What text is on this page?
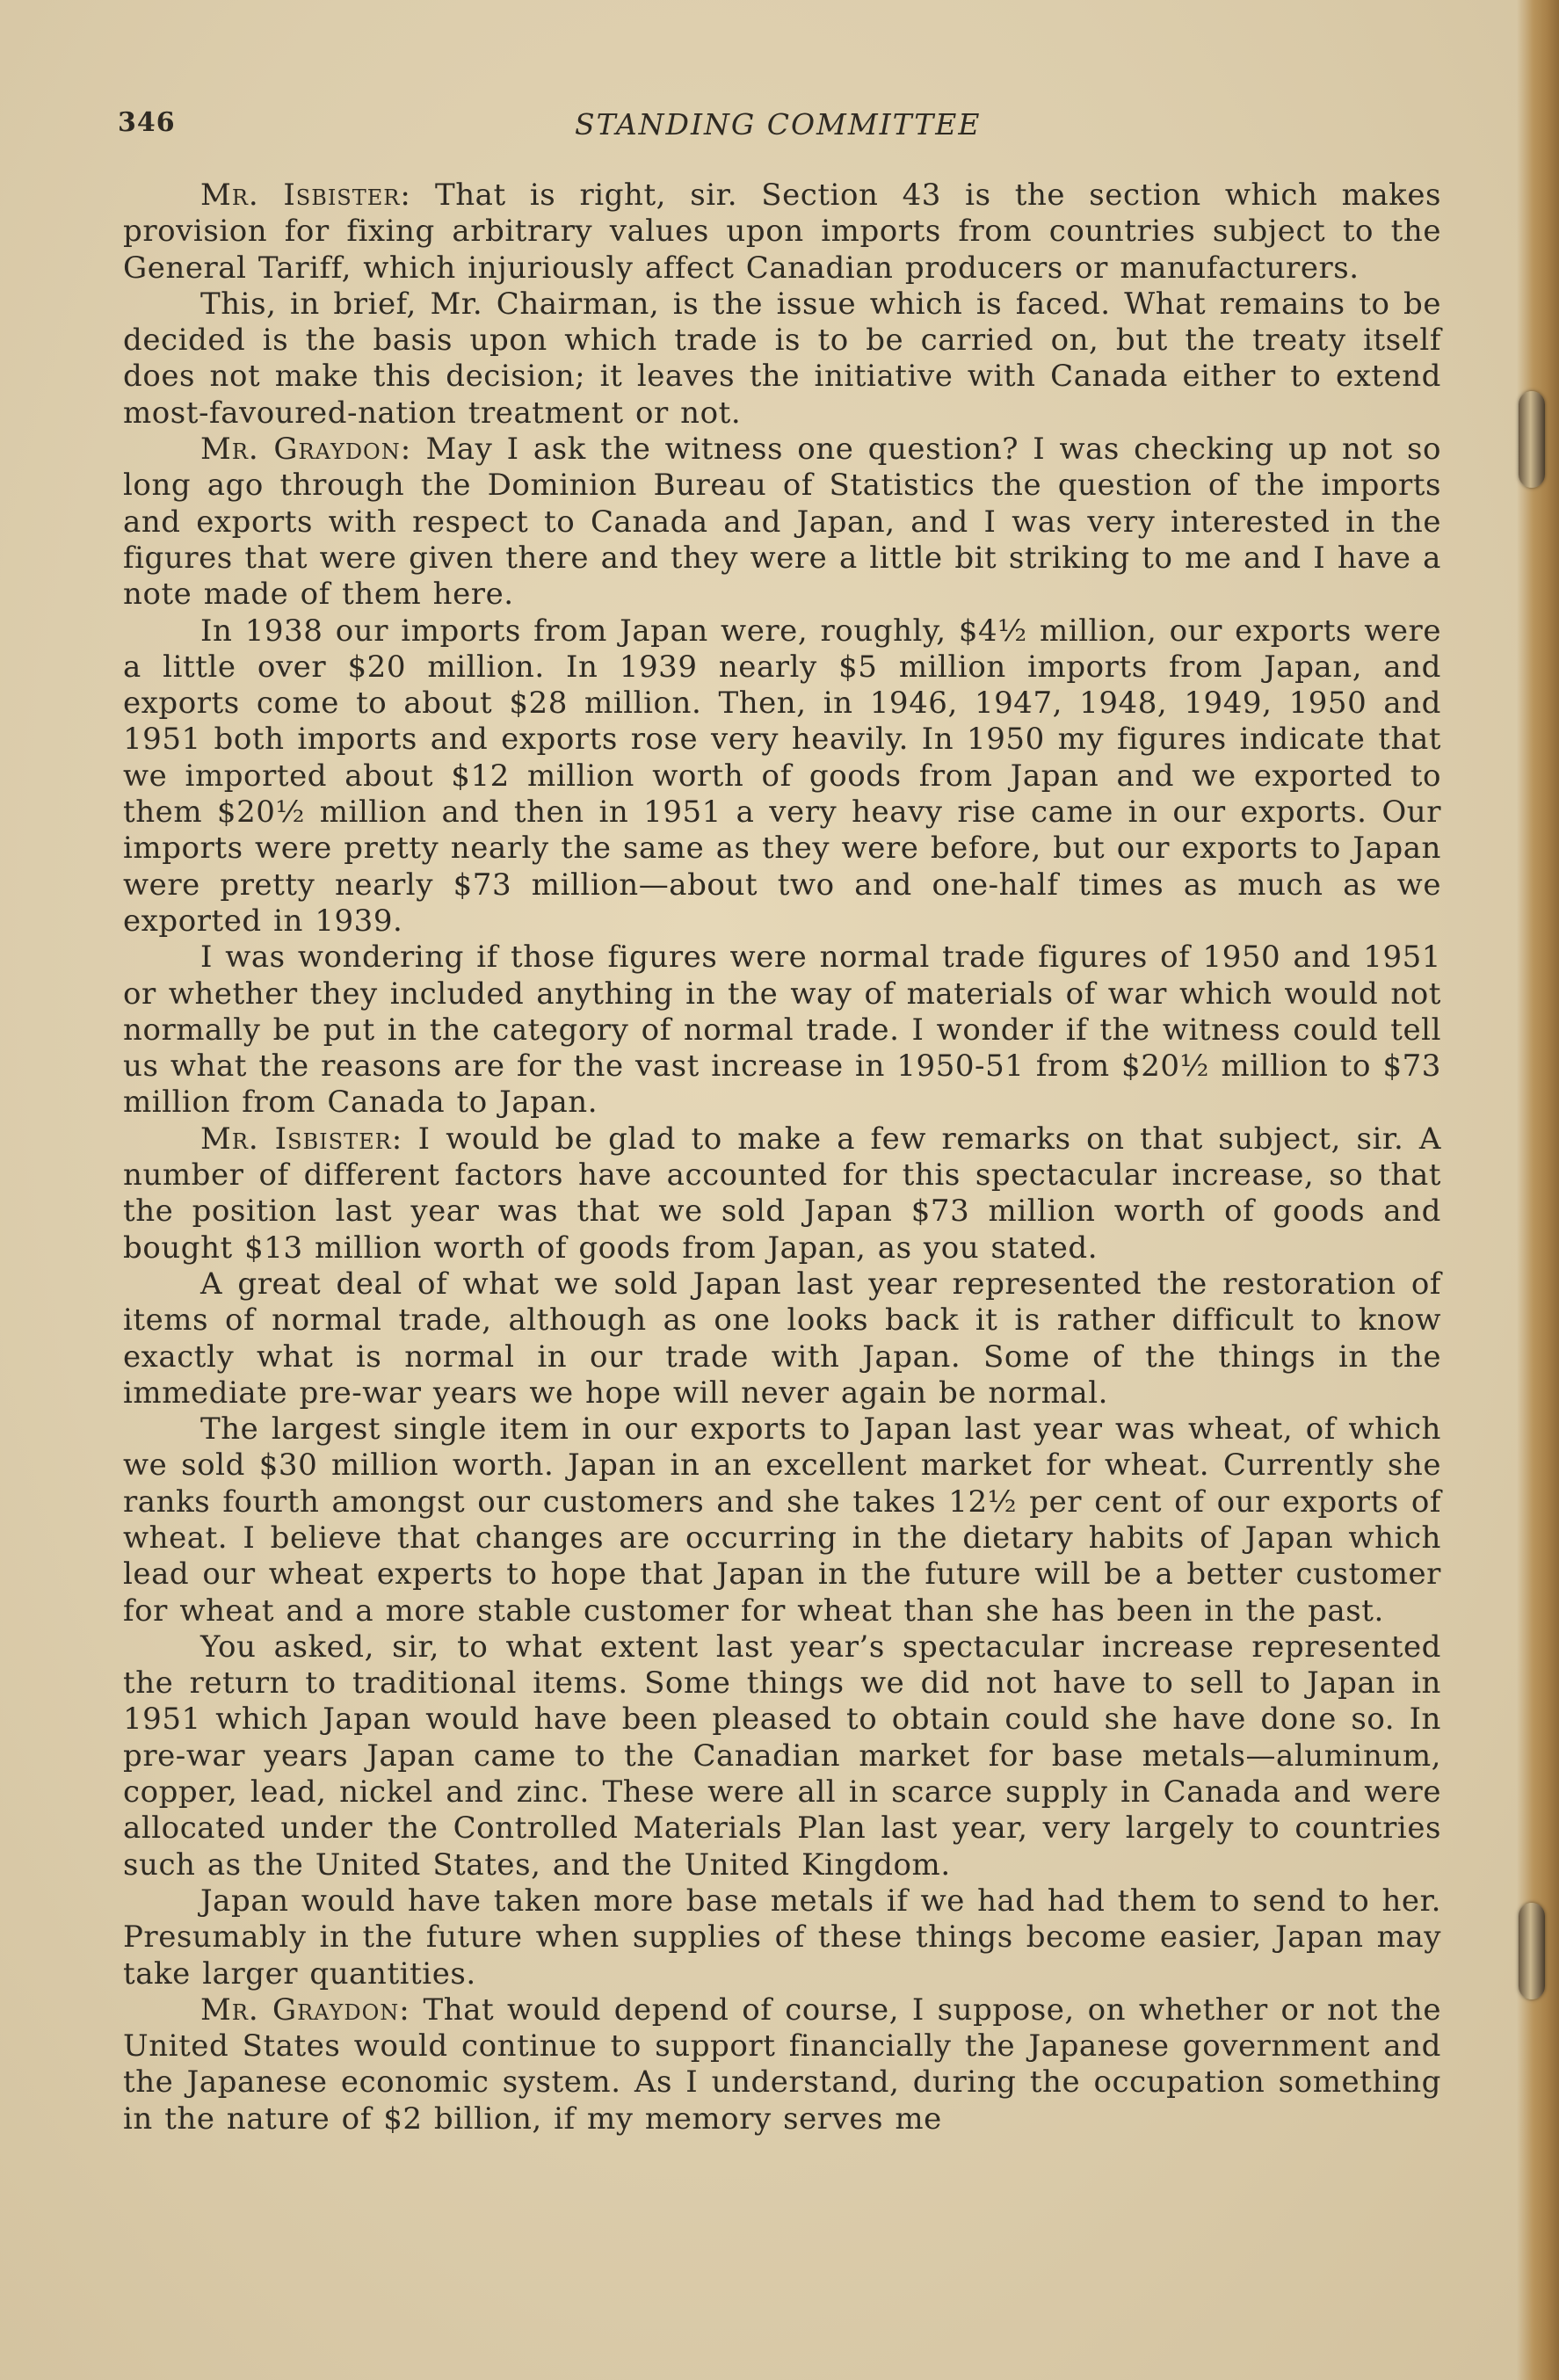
346	STANDING COMMITTEE

Mr. Isbister: That is right, sir. Section 43 is the section which makes provision for fixing arbitrary values upon imports from countries subject to the General Tariff, which injuriously affect Canadian producers or manufacturers.

This, in brief, Mr. Chairman, is the issue which is faced. What remains to be decided is the basis upon which trade is to be carried on, but the treaty itself does not make this decision; it leaves the initiative with Canada either to extend most-favoured-nation treatment or not.

Mr. Graydon: May I ask the witness one question? I was checking up not so long ago through the Dominion Bureau of Statistics the question of the imports and exports with respect to Canada and Japan, and I was very interested in the figures that were given there and they were a little bit striking to me and I have a note made of them here.

In 1938 our imports from Japan were, roughly, $4½ million, our exports were a little over $20 million. In 1939 nearly $5 million imports from Japan, and exports come to about $28 million. Then, in 1946, 1947, 1948, 1949, 1950 and 1951 both imports and exports rose very heavily. In 1950 my figures indicate that we imported about $12 million worth of goods from Japan and we exported to them $20½ million and then in 1951 a very heavy rise came in our exports. Our imports were pretty nearly the same as they were before, but our exports to Japan were pretty nearly $73 million—about two and one-half times as much as we exported in 1939.

I was wondering if those figures were normal trade figures of 1950 and 1951 or whether they included anything in the way of materials of war which would not normally be put in the category of normal trade. I wonder if the witness could tell us what the reasons are for the vast increase in 1950-51 from $20½ million to $73 million from Canada to Japan.

Mr. Isbister: I would be glad to make a few remarks on that subject, sir. A number of different factors have accounted for this spectacular increase, so that the position last year was that we sold Japan $73 million worth of goods and bought $13 million worth of goods from Japan, as you stated.

A great deal of what we sold Japan last year represented the restoration of items of normal trade, although as one looks back it is rather difficult to know exactly what is normal in our trade with Japan. Some of the things in the immediate pre-war years we hope will never again be normal.

The largest single item in our exports to Japan last year was wheat, of which we sold $30 million worth. Japan in an excellent market for wheat. Currently she ranks fourth amongst our customers and she takes 12½ per cent of our exports of wheat. I believe that changes are occurring in the dietary habits of Japan which lead our wheat experts to hope that Japan in the future will be a better customer for wheat and a more stable customer for wheat than she has been in the past.

You asked, sir, to what extent last year’s spectacular increase represented the return to traditional items. Some things we did not have to sell to Japan in 1951 which Japan would have been pleased to obtain could she have done so. In pre-war years Japan came to the Canadian market for base metals—aluminum, copper, lead, nickel and zinc. These were all in scarce supply in Canada and were allocated under the Controlled Materials Plan last year, very largely to countries such as the United States, and the United Kingdom.

Japan would have taken more base metals if we had had them to send to her. Presumably in the future when supplies of these things become easier, Japan may take larger quantities.

Mr. Graydon: That would depend of course, I suppose, on whether or not the United States would continue to support financially the Japanese government and the Japanese economic system. As I understand, during the occupation something in the nature of $2 billion, if my memory serves me
